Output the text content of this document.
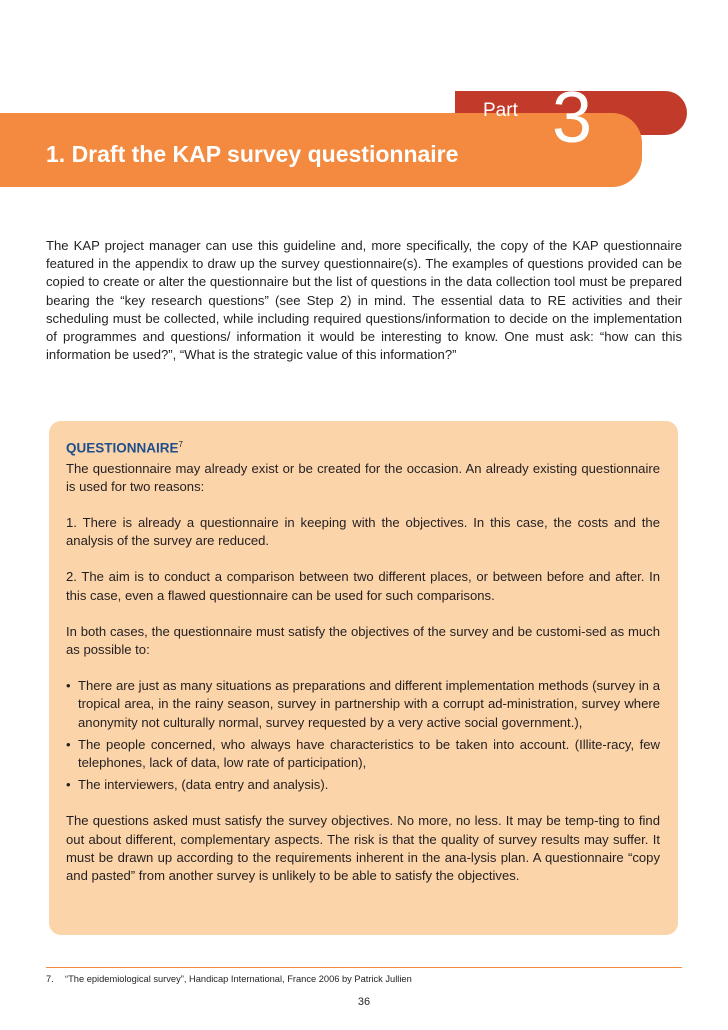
Part 3
1. Draft the KAP survey questionnaire

The KAP project manager can use this guideline and, more specifically, the copy of the KAP questionnaire featured in the appendix to draw up the survey questionnaire(s). The examples of questions provided can be copied to create or alter the questionnaire but the list of questions in the data collection tool must be prepared bearing the “key research questions” (see Step 2) in mind. The essential data to RE activities and their scheduling must be collected, while including required questions/information to decide on the implementation of programmes and questions/ information it would be interesting to know. One must ask: “how can this information be used?”, “What is the strategic value of this information?”

QUESTIONNAIRE$^7$

The questionnaire may already exist or be created for the occasion. An already existing questionnaire is used for two reasons:

1. There is already a questionnaire in keeping with the objectives. In this case, the costs and the analysis of the survey are reduced.

2. The aim is to conduct a comparison between two different places, or between before and after. In this case, even a flawed questionnaire can be used for such comparisons.

In both cases, the questionnaire must satisfy the objectives of the survey and be customi-sed as much as possible to:

• There are just as many situations as preparations and different implementation methods (survey in a tropical area, in the rainy season, survey in partnership with a corrupt ad-ministration, survey where anonymity not culturally normal, survey requested by a very active social government.),
• The people concerned, who always have characteristics to be taken into account. (Illite-racy, few telephones, lack of data, low rate of participation),
• The interviewers, (data entry and analysis).

The questions asked must satisfy the survey objectives. No more, no less. It may be temp-ting to find out about different, complementary aspects. The risk is that the quality of survey results may suffer. It must be drawn up according to the requirements inherent in the ana-lysis plan. A questionnaire “copy and pasted” from another survey is unlikely to be able to satisfy the objectives.

7. “The epidemiological survey”, Handicap International, France 2006 by Patrick Jullien
36
